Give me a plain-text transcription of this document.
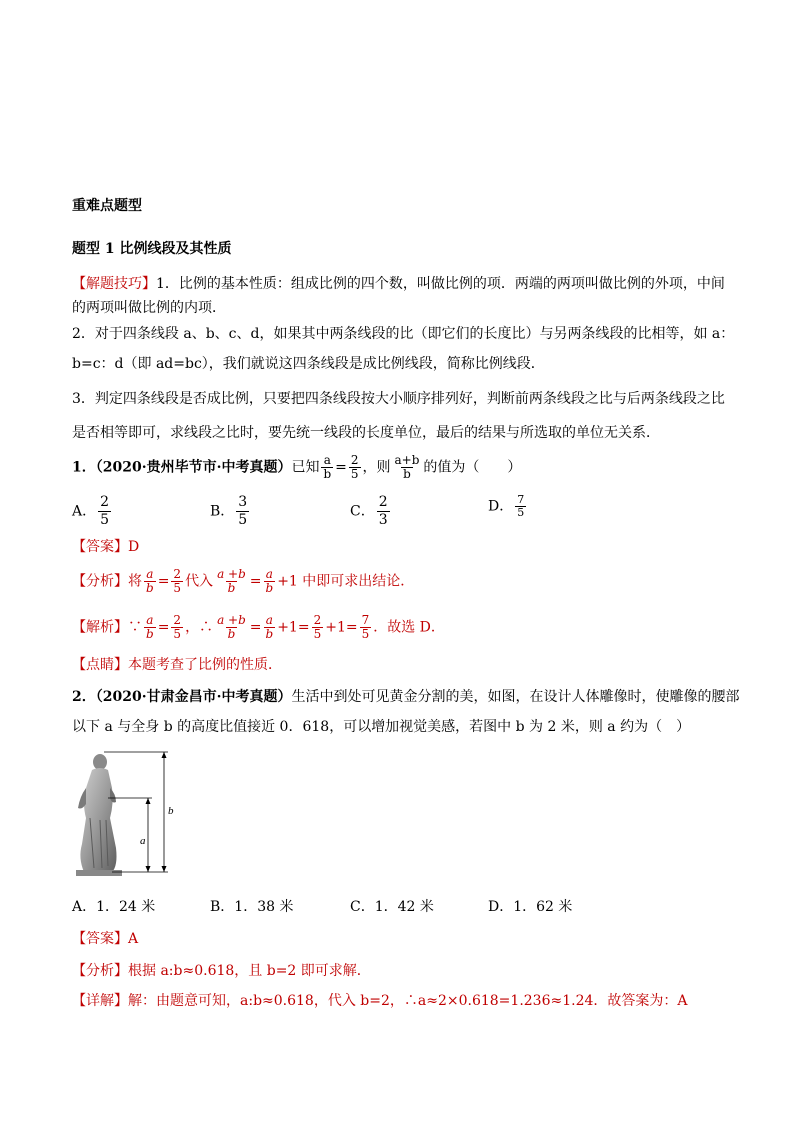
重难点题型
题型 1 比例线段及其性质
【解题技巧】1．比例的基本性质：组成比例的四个数，叫做比例的项．两端的两项叫做比例的外项，中间
的两项叫做比例的内项．
2．对于四条线段 a、b、c、d，如果其中两条线段的比（即它们的长度比）与另两条线段的比相等，如 a：
b=c：d（即 ad=bc），我们就说这四条线段是成比例线段，简称比例线段．
3．判定四条线段是否成比例，只要把四条线段按大小顺序排列好，判断前两条线段之比与后两条线段之比
是否相等即可，求线段之比时，要先统一线段的长度单位，最后的结果与所选取的单位无关系．
1．（2020·贵州毕节市·中考真题）已知 $\frac{a}{b} = \frac{2}{5}$ ，则 $\frac{a+b}{b}$ 的值为（　　）
A． $\frac{2}{5}$	B． $\frac{3}{5}$	C． $\frac{2}{3}$	D． $\frac{7}{5}$
【答案】D
【分析】将 $\frac{a}{b} = \frac{2}{5}$ 代入 $\frac{a +b}{b} = \frac{a}{b} +1$ 中即可求出结论．
【解析】∵ $\frac{a}{b} = \frac{2}{5}$ ，∴ $\frac{a +b}{b} = \frac{a}{b} +1= \frac{2}{5} +1= \frac{7}{5}$ ．故选 D．
【点睛】本题考查了比例的性质．
2．（2020·甘肃金昌市·中考真题）生活中到处可见黄金分割的美，如图，在设计人体雕像时，使雕像的腰部
以下 a 与全身 b 的高度比值接近 0．618，可以增加视觉美感，若图中 b 为 2 米，则 a 约为（　）
a
b
A．1．24 米	B．1．38 米	C．1．42 米	D．1．62 米
【答案】A
【分析】根据 a:b≈0.618，且 b=2 即可求解．
【详解】解：由题意可知，a:b≈0.618，代入 b=2，∴a≈2×0.618=1.236≈1.24．故答案为：A
